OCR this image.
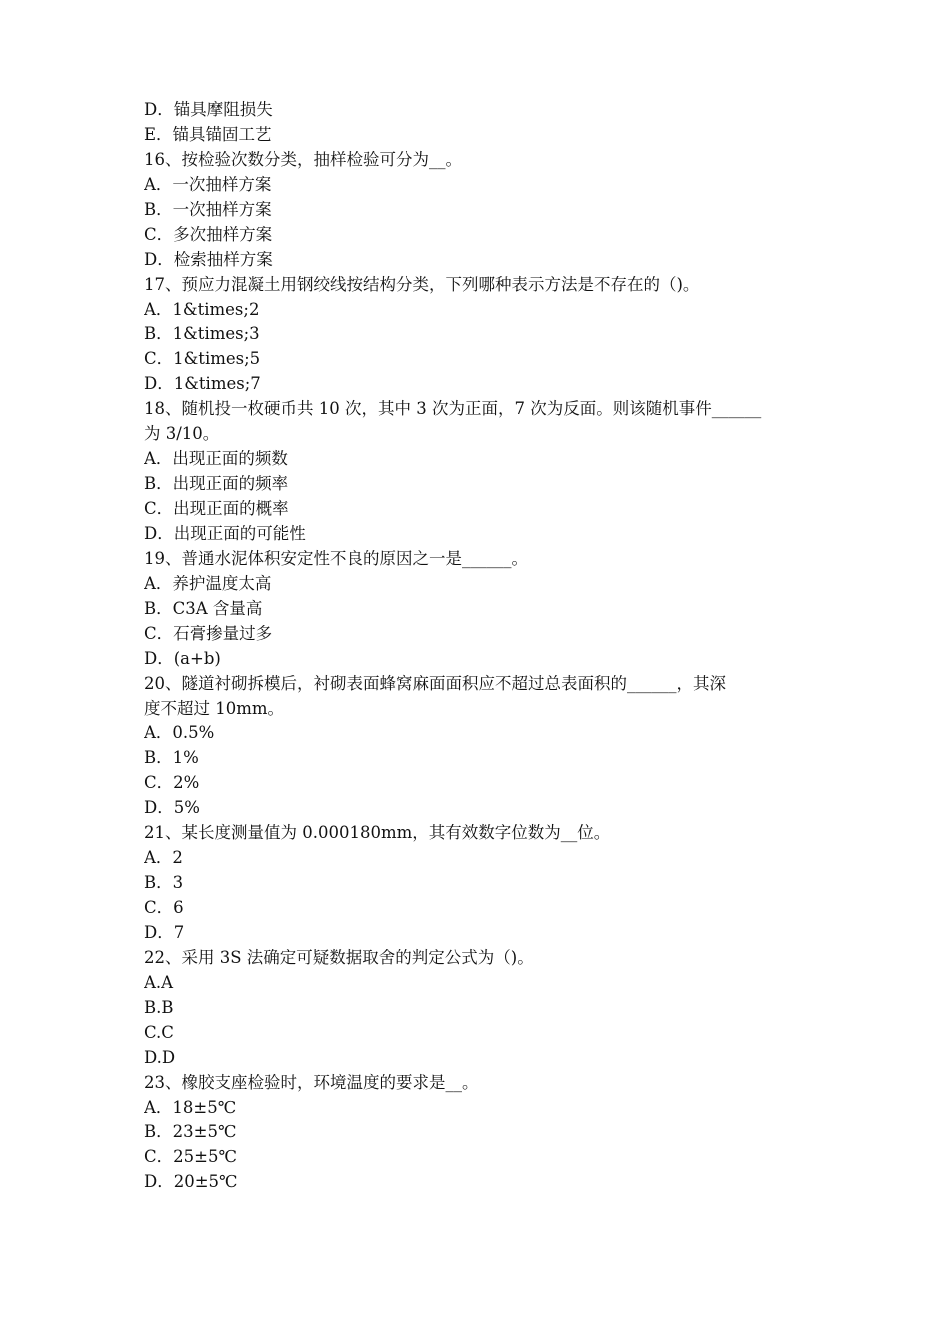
D．锚具摩阻损失
E．锚具锚固工艺
16、按检验次数分类，抽样检验可分为__。
A．一次抽样方案
B．一次抽样方案
C．多次抽样方案
D．检索抽样方案
17、预应力混凝土用钢绞线按结构分类，下列哪种表示方法是不存在的（)。
A．1&times;2
B．1&times;3
C．1&times;5
D．1&times;7
18、随机投一枚硬币共 10 次，其中 3 次为正面，7 次为反面。则该随机事件______
为 3/10。
A．出现正面的频数
B．出现正面的频率
C．出现正面的概率
D．出现正面的可能性
19、普通水泥体积安定性不良的原因之一是______。
A．养护温度太高
B．C3A 含量高
C．石膏掺量过多
D．(a+b)
20、隧道衬砌拆模后，衬砌表面蜂窝麻面面积应不超过总表面积的______，其深
度不超过 10mm。
A．0.5%
B．1%
C．2%
D．5%
21、某长度测量值为 0.000180mm，其有效数字位数为__位。
A．2
B．3
C．6
D．7
22、采用 3S 法确定可疑数据取舍的判定公式为（)。
A.A
B.B
C.C
D.D
23、橡胶支座检验时，环境温度的要求是__。
A．18±5℃
B．23±5℃
C．25±5℃
D．20±5℃
